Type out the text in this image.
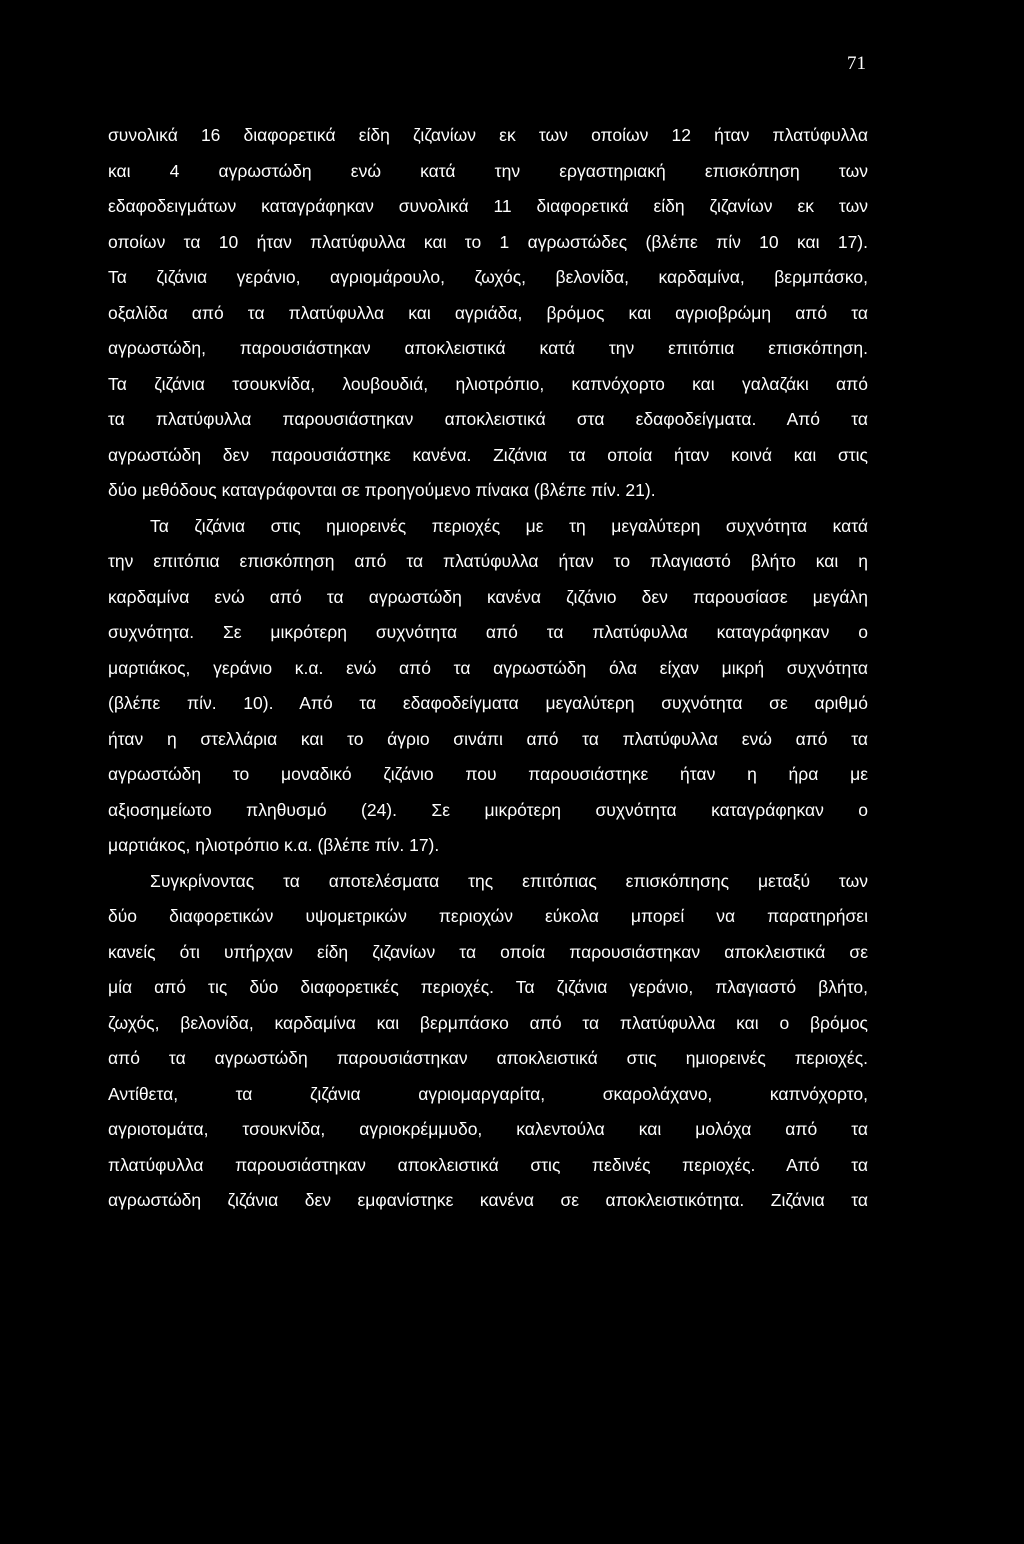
71
συνολικά 16 διαφορετικά είδη ζιζανίων εκ των οποίων 12 ήταν πλατύφυλλα
και 4 αγρωστώδη ενώ κατά την εργαστηριακή επισκόπηση των
εδαφοδειγμάτων καταγράφηκαν συνολικά 11 διαφορετικά είδη ζιζανίων εκ των
οποίων τα 10 ήταν πλατύφυλλα και το 1 αγρωστώδες (βλέπε πίν 10 και 17).
Τα ζιζάνια γεράνιο, αγριομάρουλο, ζωχός, βελονίδα, καρδαμίνα, βερμπάσκο,
οξαλίδα από τα πλατύφυλλα και αγριάδα, βρόμος και αγριοβρώμη από τα
αγρωστώδη, παρουσιάστηκαν αποκλειστικά κατά την επιτόπια επισκόπηση.
Τα ζιζάνια τσουκνίδα, λουβουδιά, ηλιοτρόπιο, καπνόχορτο και γαλαζάκι από
τα πλατύφυλλα παρουσιάστηκαν αποκλειστικά στα εδαφοδείγματα. Από τα
αγρωστώδη δεν παρουσιάστηκε κανένα. Ζιζάνια τα οποία ήταν κοινά και στις
δύο μεθόδους καταγράφονται σε προηγούμενο πίνακα (βλέπε πίν. 21).
Τα ζιζάνια στις ημιορεινές περιοχές με τη μεγαλύτερη συχνότητα κατά
την επιτόπια επισκόπηση από τα πλατύφυλλα ήταν το πλαγιαστό βλήτο και η
καρδαμίνα ενώ από τα αγρωστώδη κανένα ζιζάνιο δεν παρουσίασε μεγάλη
συχνότητα. Σε μικρότερη συχνότητα από τα πλατύφυλλα καταγράφηκαν ο
μαρτιάκος, γεράνιο κ.α. ενώ από τα αγρωστώδη όλα είχαν μικρή συχνότητα
(βλέπε πίν. 10). Από τα εδαφοδείγματα μεγαλύτερη συχνότητα σε αριθμό
ήταν η στελλάρια και το άγριο σινάπι από τα πλατύφυλλα ενώ από τα
αγρωστώδη το μοναδικό ζιζάνιο που παρουσιάστηκε ήταν η ήρα με
αξιοσημείωτο πληθυσμό (24). Σε μικρότερη συχνότητα καταγράφηκαν ο
μαρτιάκος, ηλιοτρόπιο κ.α. (βλέπε πίν. 17).
Συγκρίνοντας τα αποτελέσματα της επιτόπιας επισκόπησης μεταξύ των
δύο διαφορετικών υψομετρικών περιοχών εύκολα μπορεί να παρατηρήσει
κανείς ότι υπήρχαν είδη ζιζανίων τα οποία παρουσιάστηκαν αποκλειστικά σε
μία από τις δύο διαφορετικές περιοχές. Τα ζιζάνια γεράνιο, πλαγιαστό βλήτο,
ζωχός, βελονίδα, καρδαμίνα και βερμπάσκο από τα πλατύφυλλα και ο βρόμος
από τα αγρωστώδη παρουσιάστηκαν αποκλειστικά στις ημιορεινές περιοχές.
Αντίθετα, τα ζιζάνια αγριομαργαρίτα, σκαρολάχανο, καπνόχορτο,
αγριοτομάτα, τσουκνίδα, αγριοκρέμμυδο, καλεντούλα και μολόχα από τα
πλατύφυλλα παρουσιάστηκαν αποκλειστικά στις πεδινές περιοχές. Από τα
αγρωστώδη ζιζάνια δεν εμφανίστηκε κανένα σε αποκλειστικότητα. Ζιζάνια τα
